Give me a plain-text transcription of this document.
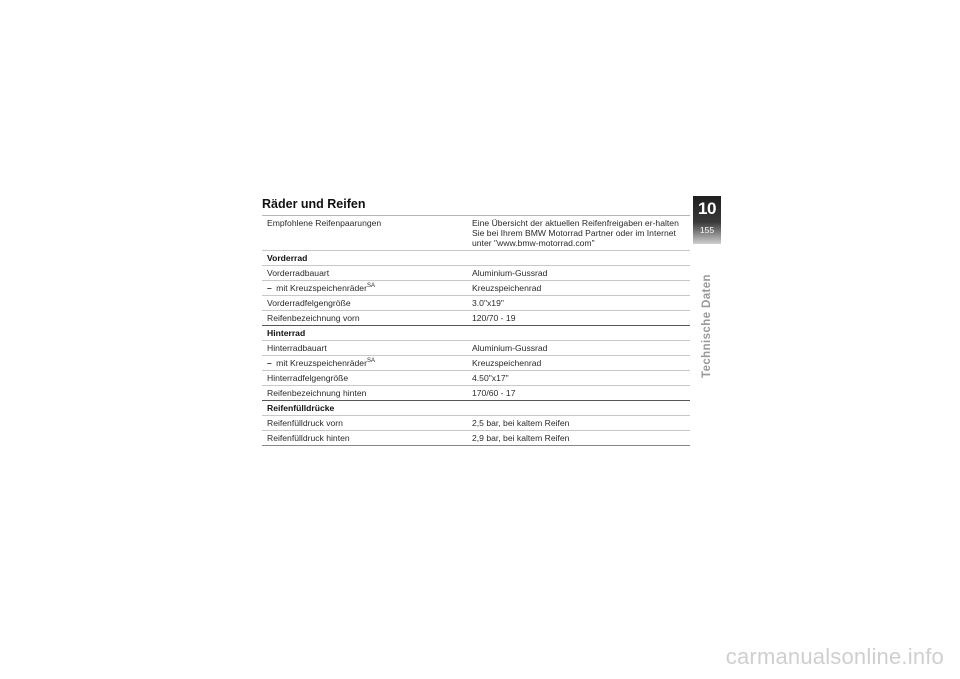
Räder und Reifen
Empfohlene Reifenpaarungen	Eine Übersicht der aktuellen Reifenfreigaben er-halten Sie bei Ihrem BMW Motorrad Partner oder im Internet unter "www.bmw-motorrad.com"
Vorderrad
Vorderradbauart	Aluminium-Gussrad
– mit Kreuzspeichenräder$^{SA}$	Kreuzspeichenrad
Vorderradfelgengröße	3.0"x19"
Reifenbezeichnung vorn	120/70 - 19
Hinterrad
Hinterradbauart	Aluminium-Gussrad
– mit Kreuzspeichenräder$^{SA}$	Kreuzspeichenrad
Hinterradfelgengröße	4.50"x17"
Reifenbezeichnung hinten	170/60 - 17
Reifenfülldrücke
Reifenfülldruck vorn	2,5 bar, bei kaltem Reifen
Reifenfülldruck hinten	2,9 bar, bei kaltem Reifen
10
155
Technische Daten
carmanualsonline.info
